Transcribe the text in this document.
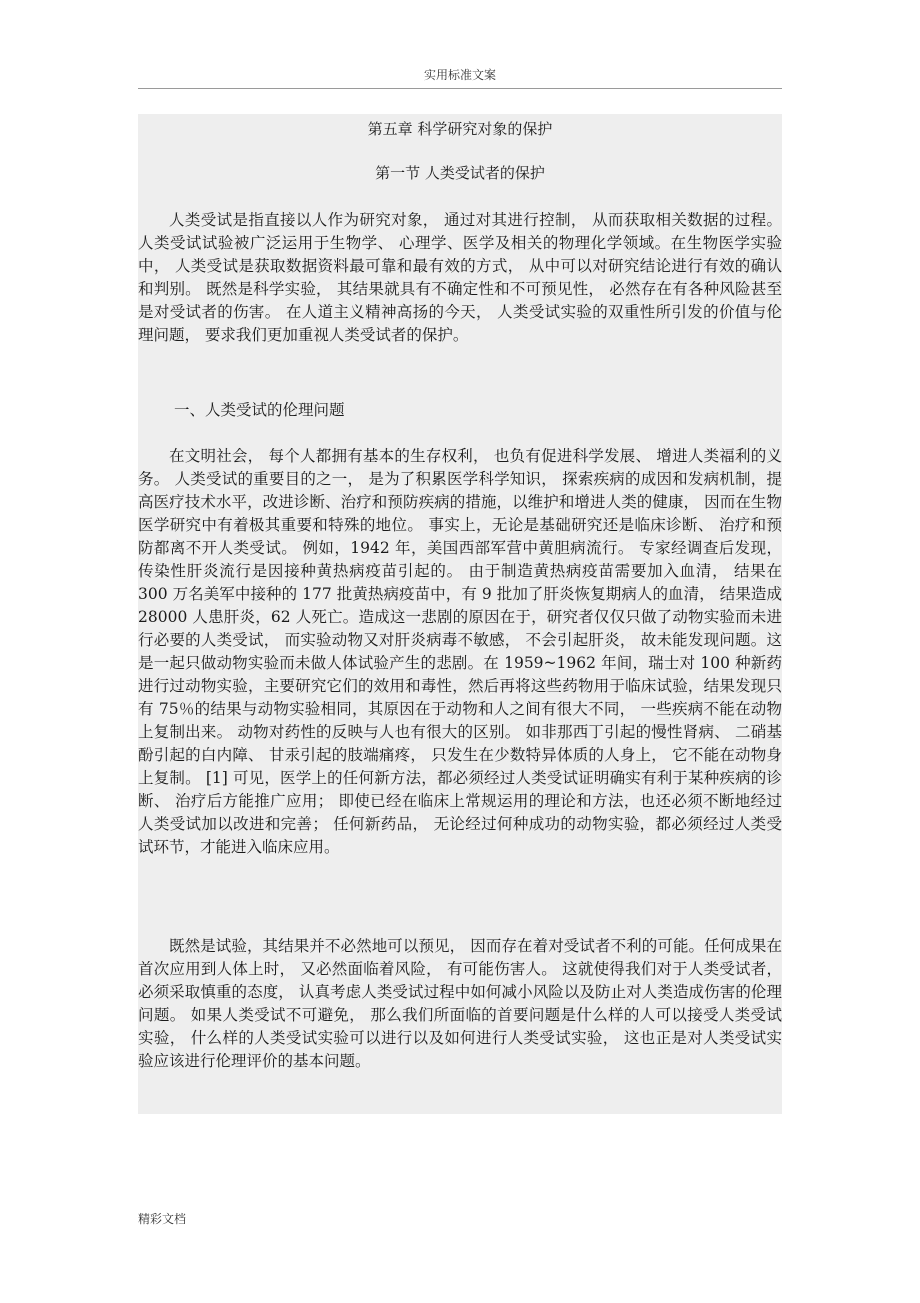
实用标准文案
第五章 科学研究对象的保护
第一节 人类受试者的保护

人类受试是指直接以人作为研究对象， 通过对其进行控制， 从而获取相关数据的过程。人类受试试验被广泛运用于生物学、 心理学、医学及相关的物理化学领域。在生物医学实验中， 人类受试是获取数据资料最可靠和最有效的方式， 从中可以对研究结论进行有效的确认和判别。 既然是科学实验， 其结果就具有不确定性和不可预见性， 必然存在有各种风险甚至是对受试者的伤害。 在人道主义精神高扬的今天， 人类受试实验的双重性所引发的价值与伦理问题， 要求我们更加重视人类受试者的保护。

一、人类受试的伦理问题

在文明社会， 每个人都拥有基本的生存权利， 也负有促进科学发展、 增进人类福利的义务。 人类受试的重要目的之一， 是为了积累医学科学知识， 探索疾病的成因和发病机制，提高医疗技术水平，改进诊断、治疗和预防疾病的措施，以维护和增进人类的健康， 因而在生物医学研究中有着极其重要和特殊的地位。 事实上，无论是基础研究还是临床诊断、 治疗和预防都离不开人类受试。 例如，1942 年，美国西部军营中黄胆病流行。 专家经调查后发现， 传染性肝炎流行是因接种黄热病疫苗引起的。 由于制造黄热病疫苗需要加入血清， 结果在 300 万名美军中接种的 177 批黄热病疫苗中，有 9 批加了肝炎恢复期病人的血清， 结果造成 28000 人患肝炎，62 人死亡。造成这一悲剧的原因在于，研究者仅仅只做了动物实验而未进行必要的人类受试， 而实验动物又对肝炎病毒不敏感， 不会引起肝炎， 故未能发现问题。这是一起只做动物实验而未做人体试验产生的悲剧。在 1959~1962 年间，瑞士对 100 种新药进行过动物实验，主要研究它们的效用和毒性，然后再将这些药物用于临床试验，结果发现只有 75％的结果与动物实验相同，其原因在于动物和人之间有很大不同， 一些疾病不能在动物上复制出来。 动物对药性的反映与人也有很大的区别。 如非那西丁引起的慢性肾病、 二硝基酚引起的白内障、 甘汞引起的肢端痛疼， 只发生在少数特异体质的人身上， 它不能在动物身上复制。 [1] 可见，医学上的任何新方法，都必须经过人类受试证明确实有利于某种疾病的诊断、 治疗后方能推广应用； 即使已经在临床上常规运用的理论和方法，也还必须不断地经过人类受试加以改进和完善； 任何新药品， 无论经过何种成功的动物实验，都必须经过人类受试环节，才能进入临床应用。

既然是试验，其结果并不必然地可以预见， 因而存在着对受试者不利的可能。任何成果在首次应用到人体上时， 又必然面临着风险， 有可能伤害人。 这就使得我们对于人类受试者， 必须采取慎重的态度， 认真考虑人类受试过程中如何减小风险以及防止对人类造成伤害的伦理问题。 如果人类受试不可避免， 那么我们所面临的首要问题是什么样的人可以接受人类受试实验， 什么样的人类受试实验可以进行以及如何进行人类受试实验， 这也正是对人类受试实验应该进行伦理评价的基本问题。

精彩文档
